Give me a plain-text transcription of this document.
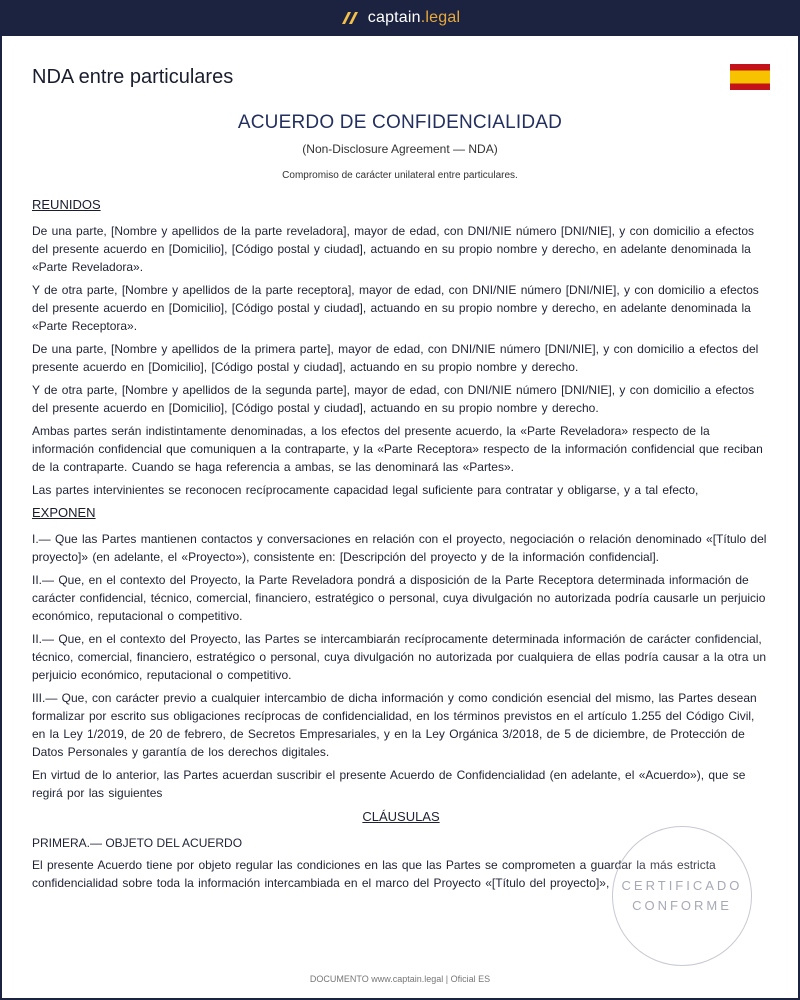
captain.legal
NDA entre particulares
ACUERDO DE CONFIDENCIALIDAD
(Non-Disclosure Agreement — NDA)
Compromiso de carácter unilateral entre particulares.
REUNIDOS

De una parte, [Nombre y apellidos de la parte reveladora], mayor de edad, con DNI/NIE número [DNI/NIE], y con domicilio a efectos del presente acuerdo en [Domicilio], [Código postal y ciudad], actuando en su propio nombre y derecho, en adelante denominada la «Parte Reveladora».

Y de otra parte, [Nombre y apellidos de la parte receptora], mayor de edad, con DNI/NIE número [DNI/NIE], y con domicilio a efectos del presente acuerdo en [Domicilio], [Código postal y ciudad], actuando en su propio nombre y derecho, en adelante denominada la «Parte Receptora».

De una parte, [Nombre y apellidos de la primera parte], mayor de edad, con DNI/NIE número [DNI/NIE], y con domicilio a efectos del presente acuerdo en [Domicilio], [Código postal y ciudad], actuando en su propio nombre y derecho.

Y de otra parte, [Nombre y apellidos de la segunda parte], mayor de edad, con DNI/NIE número [DNI/NIE], y con domicilio a efectos del presente acuerdo en [Domicilio], [Código postal y ciudad], actuando en su propio nombre y derecho.

Ambas partes serán indistintamente denominadas, a los efectos del presente acuerdo, la «Parte Reveladora» respecto de la información confidencial que comuniquen a la contraparte, y la «Parte Receptora» respecto de la información confidencial que reciban de la contraparte. Cuando se haga referencia a ambas, se las denominará las «Partes».

Las partes intervinientes se reconocen recíprocamente capacidad legal suficiente para contratar y obligarse, y a tal efecto,

EXPONEN

I.— Que las Partes mantienen contactos y conversaciones en relación con el proyecto, negociación o relación denominado «[Título del proyecto]» (en adelante, el «Proyecto»), consistente en: [Descripción del proyecto y de la información confidencial].

II.— Que, en el contexto del Proyecto, la Parte Reveladora pondrá a disposición de la Parte Receptora determinada información de carácter confidencial, técnico, comercial, financiero, estratégico o personal, cuya divulgación no autorizada podría causarle un perjuicio económico, reputacional o competitivo.

II.— Que, en el contexto del Proyecto, las Partes se intercambiarán recíprocamente determinada información de carácter confidencial, técnico, comercial, financiero, estratégico o personal, cuya divulgación no autorizada por cualquiera de ellas podría causar a la otra un perjuicio económico, reputacional o competitivo.

III.— Que, con carácter previo a cualquier intercambio de dicha información y como condición esencial del mismo, las Partes desean formalizar por escrito sus obligaciones recíprocas de confidencialidad, en los términos previstos en el artículo 1.255 del Código Civil, en la Ley 1/2019, de 20 de febrero, de Secretos Empresariales, y en la Ley Orgánica 3/2018, de 5 de diciembre, de Protección de Datos Personales y garantía de los derechos digitales.

En virtud de lo anterior, las Partes acuerdan suscribir el presente Acuerdo de Confidencialidad (en adelante, el «Acuerdo»), que se regirá por las siguientes

CLÁUSULAS
PRIMERA.— OBJETO DEL ACUERDO

El presente Acuerdo tiene por objeto regular las condiciones en las que las Partes se comprometen a guardar la más estricta confidencialidad sobre toda la información intercambiada en el marco del Proyecto «[Título del proyecto]», CERTIFICADO
CONFORME
DOCUMENTO www.captain.legal | Oficial ES
